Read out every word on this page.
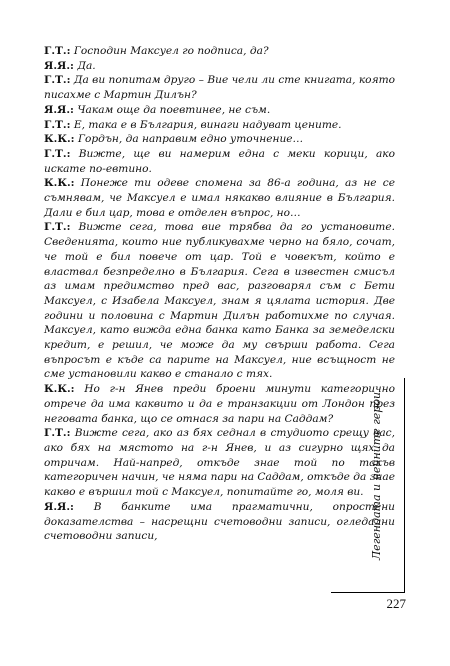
Г.Т.: Господин Максуел го подписа, да?

Я.Я.: Да.

Г.Т.: Да ви попитам друго – Вие чели ли сте книгата, която писахме с Мартин Дилън?

Я.Я.: Чакам още да поевтинее, не съм.

Г.Т.: Е, така е в България, винаги надуват цените.

К.К.: Гордън, да направим едно уточнение…

Г.Т.: Вижте, ще ви намерим една с меки корици, ако искате по-евтино.

К.К.: Понеже ти одеве спомена за 86-а година, аз не се съмнявам, че Максуел е имал някакво влияние в България. Дали е бил цар, това е отделен въпрос, но…

Г.Т.: Вижте сега, това вие трябва да го установите. Сведенията, които ние публикувахме черно на бяло, сочат, че той е бил повече от цар. Той е човекът, който е властвал безпределно в България. Сега в известен смисъл аз имам предимство пред вас, разговарял съм с Бети Максуел, с Изабела Максуел, знам я цялата история. Две години и половина с Мартин Дилън работихме по случая. Максуел, като вижда една банка като Банка за земеделски кредит, е решил, че може да му свърши работа. Сега въпросът е къде са парите на Максуел, ние всъщност не сме установили какво е станало с тях.

К.К.: Но г-н Янев преди броени минути категорично отрече да има каквито и да е транзакции от Лондон през неговата банка, що се отнася за пари на Саддам?

Г.Т.: Вижте сега, ако аз бях седнал в студиото срещу вас, ако бях на мястото на г-н Янев, и аз сигурно щях да отричам. Най-напред, откъде знае той по такъв категоричен начин, че няма пари на Саддам, откъде да знае какво е вършил той с Максуел, попитайте го, моля ви.

Я.Я.: В банките има прагматични, опростени доказателства – насрещни счетоводни записи, огледални счетоводни записи,	Легендата и нейните герои
227
